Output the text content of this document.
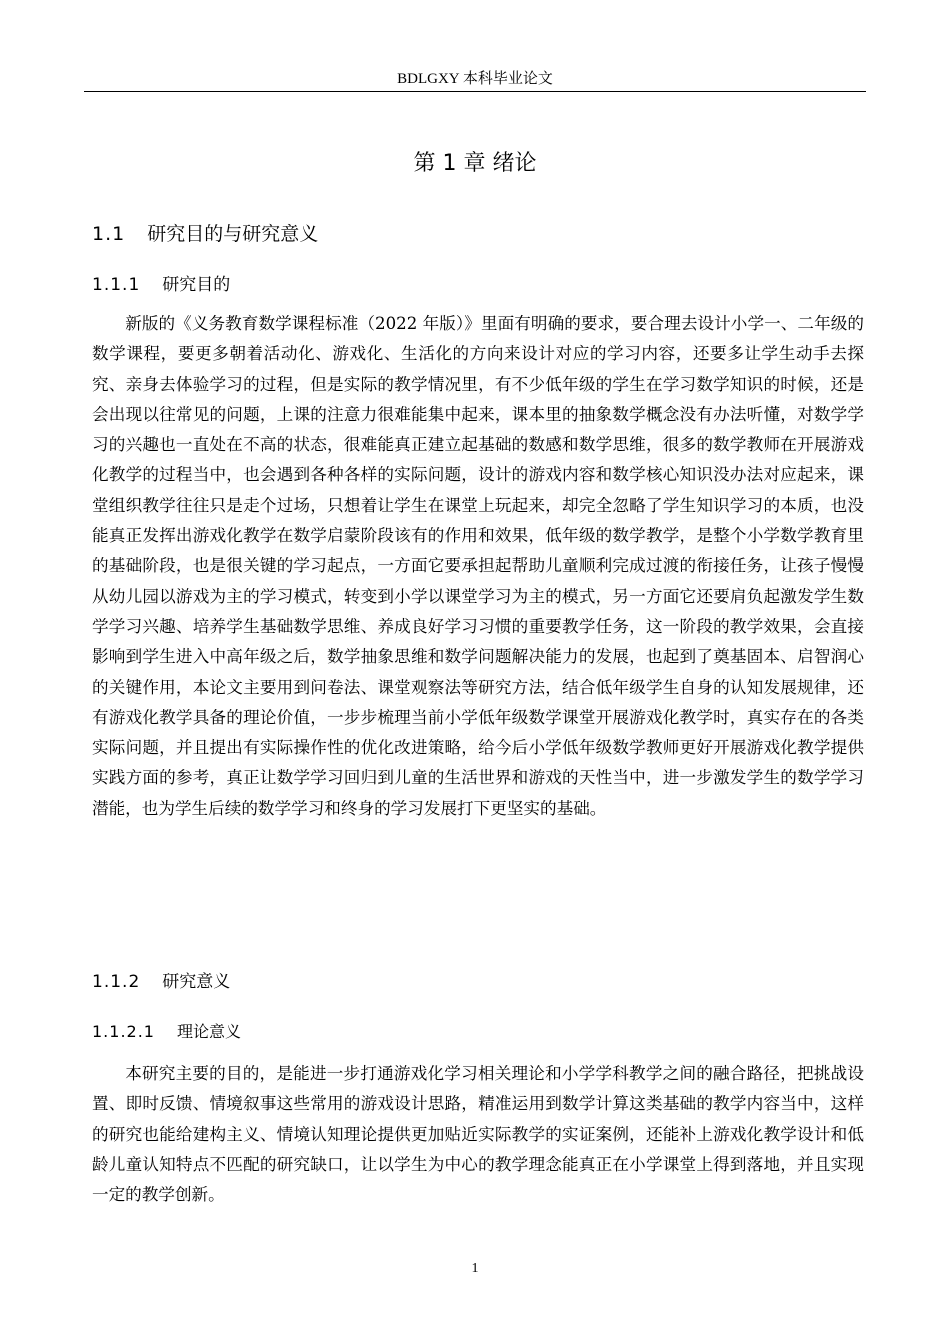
BDLGXY 本科毕业论文
第 1 章 绪论
1.1 研究目的与研究意义
1.1.1 研究目的

新版的《义务教育数学课程标准（2022 年版）》里面有明确的要求，要合理去设计小学一、二年级的数学课程，要更多朝着活动化、游戏化、生活化的方向来设计对应的学习内容，还要多让学生动手去探究、亲身去体验学习的过程，但是实际的教学情况里，有不少低年级的学生在学习数学知识的时候，还是会出现以往常见的问题，上课的注意力很难能集中起来，课本里的抽象数学概念没有办法听懂，对数学学习的兴趣也一直处在不高的状态，很难能真正建立起基础的数感和数学思维，很多的数学教师在开展游戏化教学的过程当中，也会遇到各种各样的实际问题，设计的游戏内容和数学核心知识没办法对应起来，课堂组织教学往往只是走个过场，只想着让学生在课堂上玩起来，却完全忽略了学生知识学习的本质，也没能真正发挥出游戏化教学在数学启蒙阶段该有的作用和效果，低年级的数学教学，是整个小学数学教育里的基础阶段，也是很关键的学习起点，一方面它要承担起帮助儿童顺利完成过渡的衔接任务，让孩子慢慢从幼儿园以游戏为主的学习模式，转变到小学以课堂学习为主的模式，另一方面它还要肩负起激发学生数学学习兴趣、培养学生基础数学思维、养成良好学习习惯的重要教学任务，这一阶段的教学效果，会直接影响到学生进入中高年级之后，数学抽象思维和数学问题解决能力的发展，也起到了奠基固本、启智润心的关键作用，本论文主要用到问卷法、课堂观察法等研究方法，结合低年级学生自身的认知发展规律，还有游戏化教学具备的理论价值，一步步梳理当前小学低年级数学课堂开展游戏化教学时，真实存在的各类实际问题，并且提出有实际操作性的优化改进策略，给今后小学低年级数学教师更好开展游戏化教学提供实践方面的参考，真正让数学学习回归到儿童的生活世界和游戏的天性当中，进一步激发学生的数学学习潜能，也为学生后续的数学学习和终身的学习发展打下更坚实的基础。

1.1.2 研究意义
1.1.2.1 理论意义

本研究主要的目的，是能进一步打通游戏化学习相关理论和小学学科教学之间的融合路径，把挑战设置、即时反馈、情境叙事这些常用的游戏设计思路，精准运用到数学计算这类基础的教学内容当中，这样的研究也能给建构主义、情境认知理论提供更加贴近实际教学的实证案例，还能补上游戏化教学设计和低龄儿童认知特点不匹配的研究缺口，让以学生为中心的教学理念能真正在小学课堂上得到落地，并且实现一定的教学创新。

1
